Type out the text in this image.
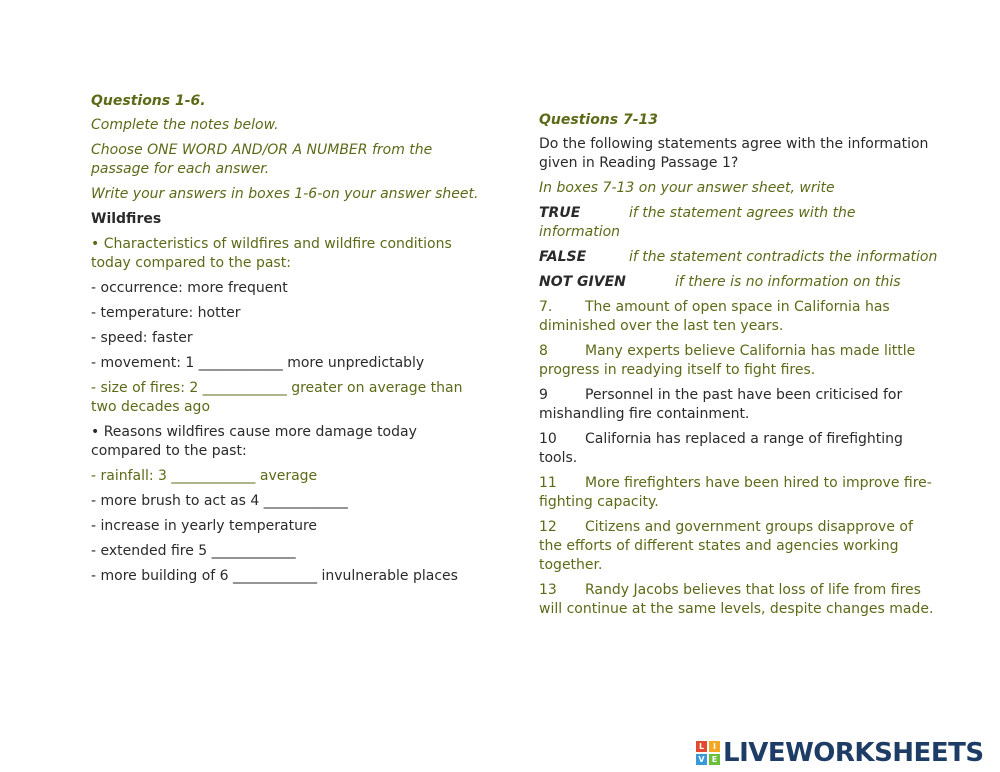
Questions 1-6.

Complete the notes below.

Choose ONE WORD AND/OR A NUMBER from the passage for each answer.

Write your answers in boxes 1-6-on your answer sheet.

Wildfires

• Characteristics of wildfires and wildfire conditions today compared to the past:

- occurrence: more frequent

- temperature: hotter

- speed: faster

- movement: 1 ____________ more unpredictably

- size of fires: 2 ____________ greater on average than two decades ago

• Reasons wildfires cause more damage today compared to the past:

- rainfall: 3 ____________ average

- more brush to act as 4 ____________

- increase in yearly temperature

- extended fire 5 ____________

- more building of 6 ____________ invulnerable places

Questions 7-13

Do the following statements agree with the information given in Reading Passage 1?

In boxes 7-13 on your answer sheet, write

TRUE	if the statement agrees with the information

FALSE	if the statement contradicts the information

NOT GIVEN	if there is no information on this

7. The amount of open space in California has diminished over the last ten years.

8	Many experts believe California has made little progress in readying itself to fight fires.

9	Personnel in the past have been criticised for mishandling fire containment.

10 California has replaced a range of firefighting tools.

11 More firefighters have been hired to improve fire-fighting capacity.

12 Citizens and government groups disapprove of the efforts of different states and agencies working together.

13 Randy Jacobs believes that loss of life from fires will continue at the same levels, despite changes made.

L	I
V E LIVEWORKSHEETS
